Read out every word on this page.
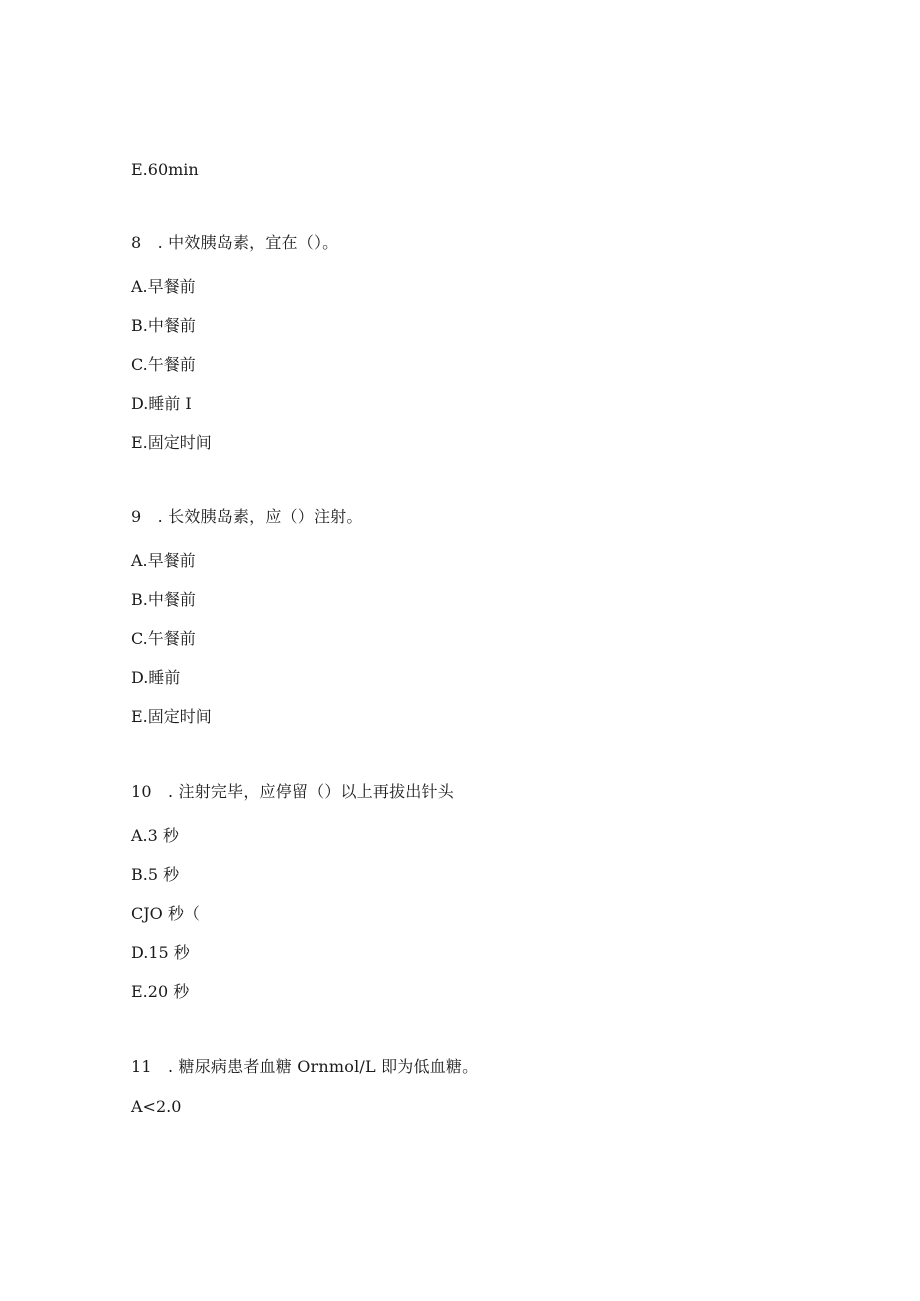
E.60min
8　. 中效胰岛素，宜在（）。
A.早餐前
B.中餐前
C.午餐前
D.睡前 I
E.固定时间
9　. 长效胰岛素，应（）注射。
A.早餐前
B.中餐前
C.午餐前
D.睡前
E.固定时间
10　. 注射完毕，应停留（）以上再拔出针头
A.3 秒
B.5 秒
CJO 秒（
D.15 秒
E.20 秒
11　. 糖尿病患者血糖 Ornmol/L 即为低血糖。
A<2.0
